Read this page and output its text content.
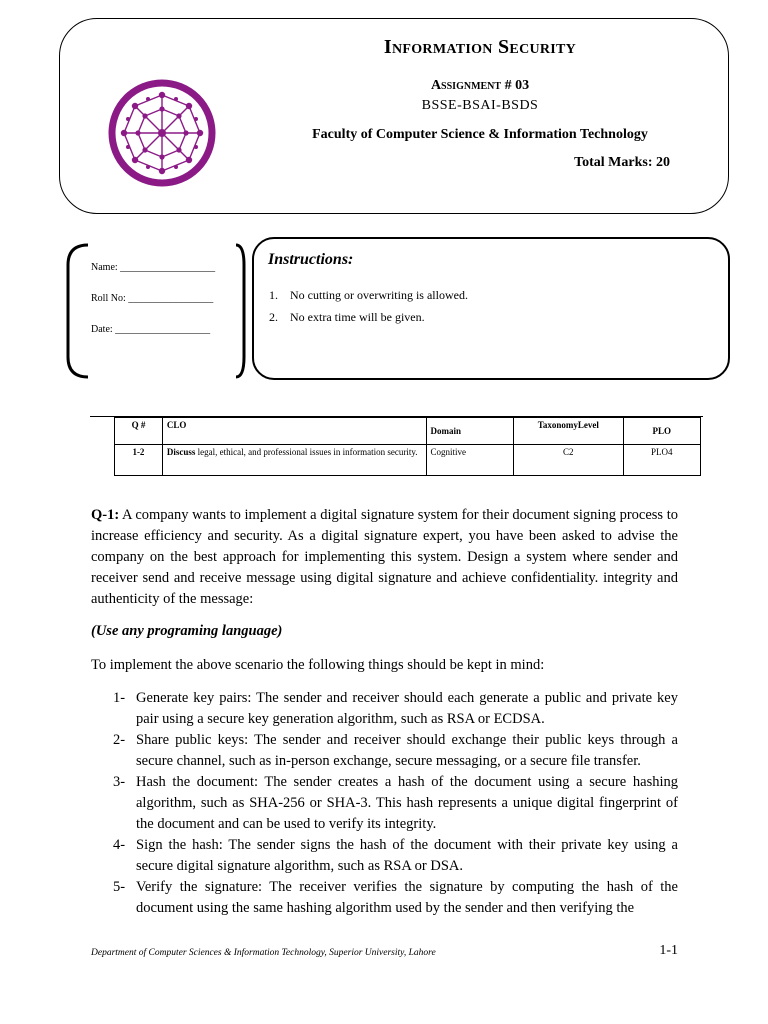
Information Security
Assignment # 03
BSSE-BSAI-BSDS
Faculty of Computer Science & Information Technology
Total Marks: 20
Name: ___________________
Roll No: _________________
Date: ___________________
Instructions:
1. No cutting or overwriting is allowed.
2. No extra time will be given.
Q #	CLO	Domain	TaxonomyLevel	PLO
1-2	Discuss legal, ethical, and professional issues in information security.	Cognitive	C2	PLO4
Q-1: A company wants to implement a digital signature system for their document signing process to increase efficiency and security. As a digital signature expert, you have been asked to advise the company on the best approach for implementing this system. Design a system where sender and receiver send and receive message using digital signature and achieve confidentiality. integrity and authenticity of the message:
(Use any programing language)
To implement the above scenario the following things should be kept in mind:
1- Generate key pairs: The sender and receiver should each generate a public and private key pair using a secure key generation algorithm, such as RSA or ECDSA.
2- Share public keys: The sender and receiver should exchange their public keys through a secure channel, such as in-person exchange, secure messaging, or a secure file transfer.
3- Hash the document: The sender creates a hash of the document using a secure hashing algorithm, such as SHA-256 or SHA-3. This hash represents a unique digital fingerprint of the document and can be used to verify its integrity.
4- Sign the hash: The sender signs the hash of the document with their private key using a secure digital signature algorithm, such as RSA or DSA.
5- Verify the signature: The receiver verifies the signature by computing the hash of the document using the same hashing algorithm used by the sender and then verifying the
Department of Computer Sciences & Information Technology, Superior University, Lahore	1-1
